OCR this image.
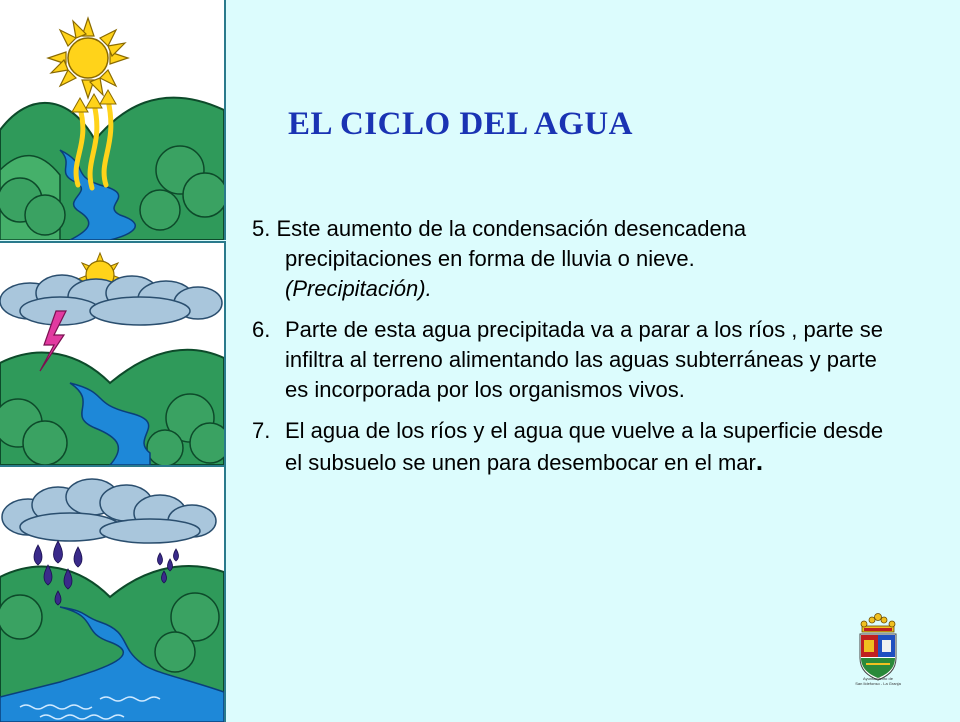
EL CICLO DEL AGUA
5. Este aumento de la condensación desencadena
precipitaciones en forma de lluvia o nieve.
(Precipitación).
6. Parte de esta agua precipitada va a parar a los ríos , parte se infiltra al terreno alimentando las aguas subterráneas y parte es incorporada por los organismos vivos.
7. El agua de los ríos y el agua que vuelve a la superficie desde el subsuelo se unen para desembocar en el mar.
Ayuntamiento de
San Ildefonso - La Granja
